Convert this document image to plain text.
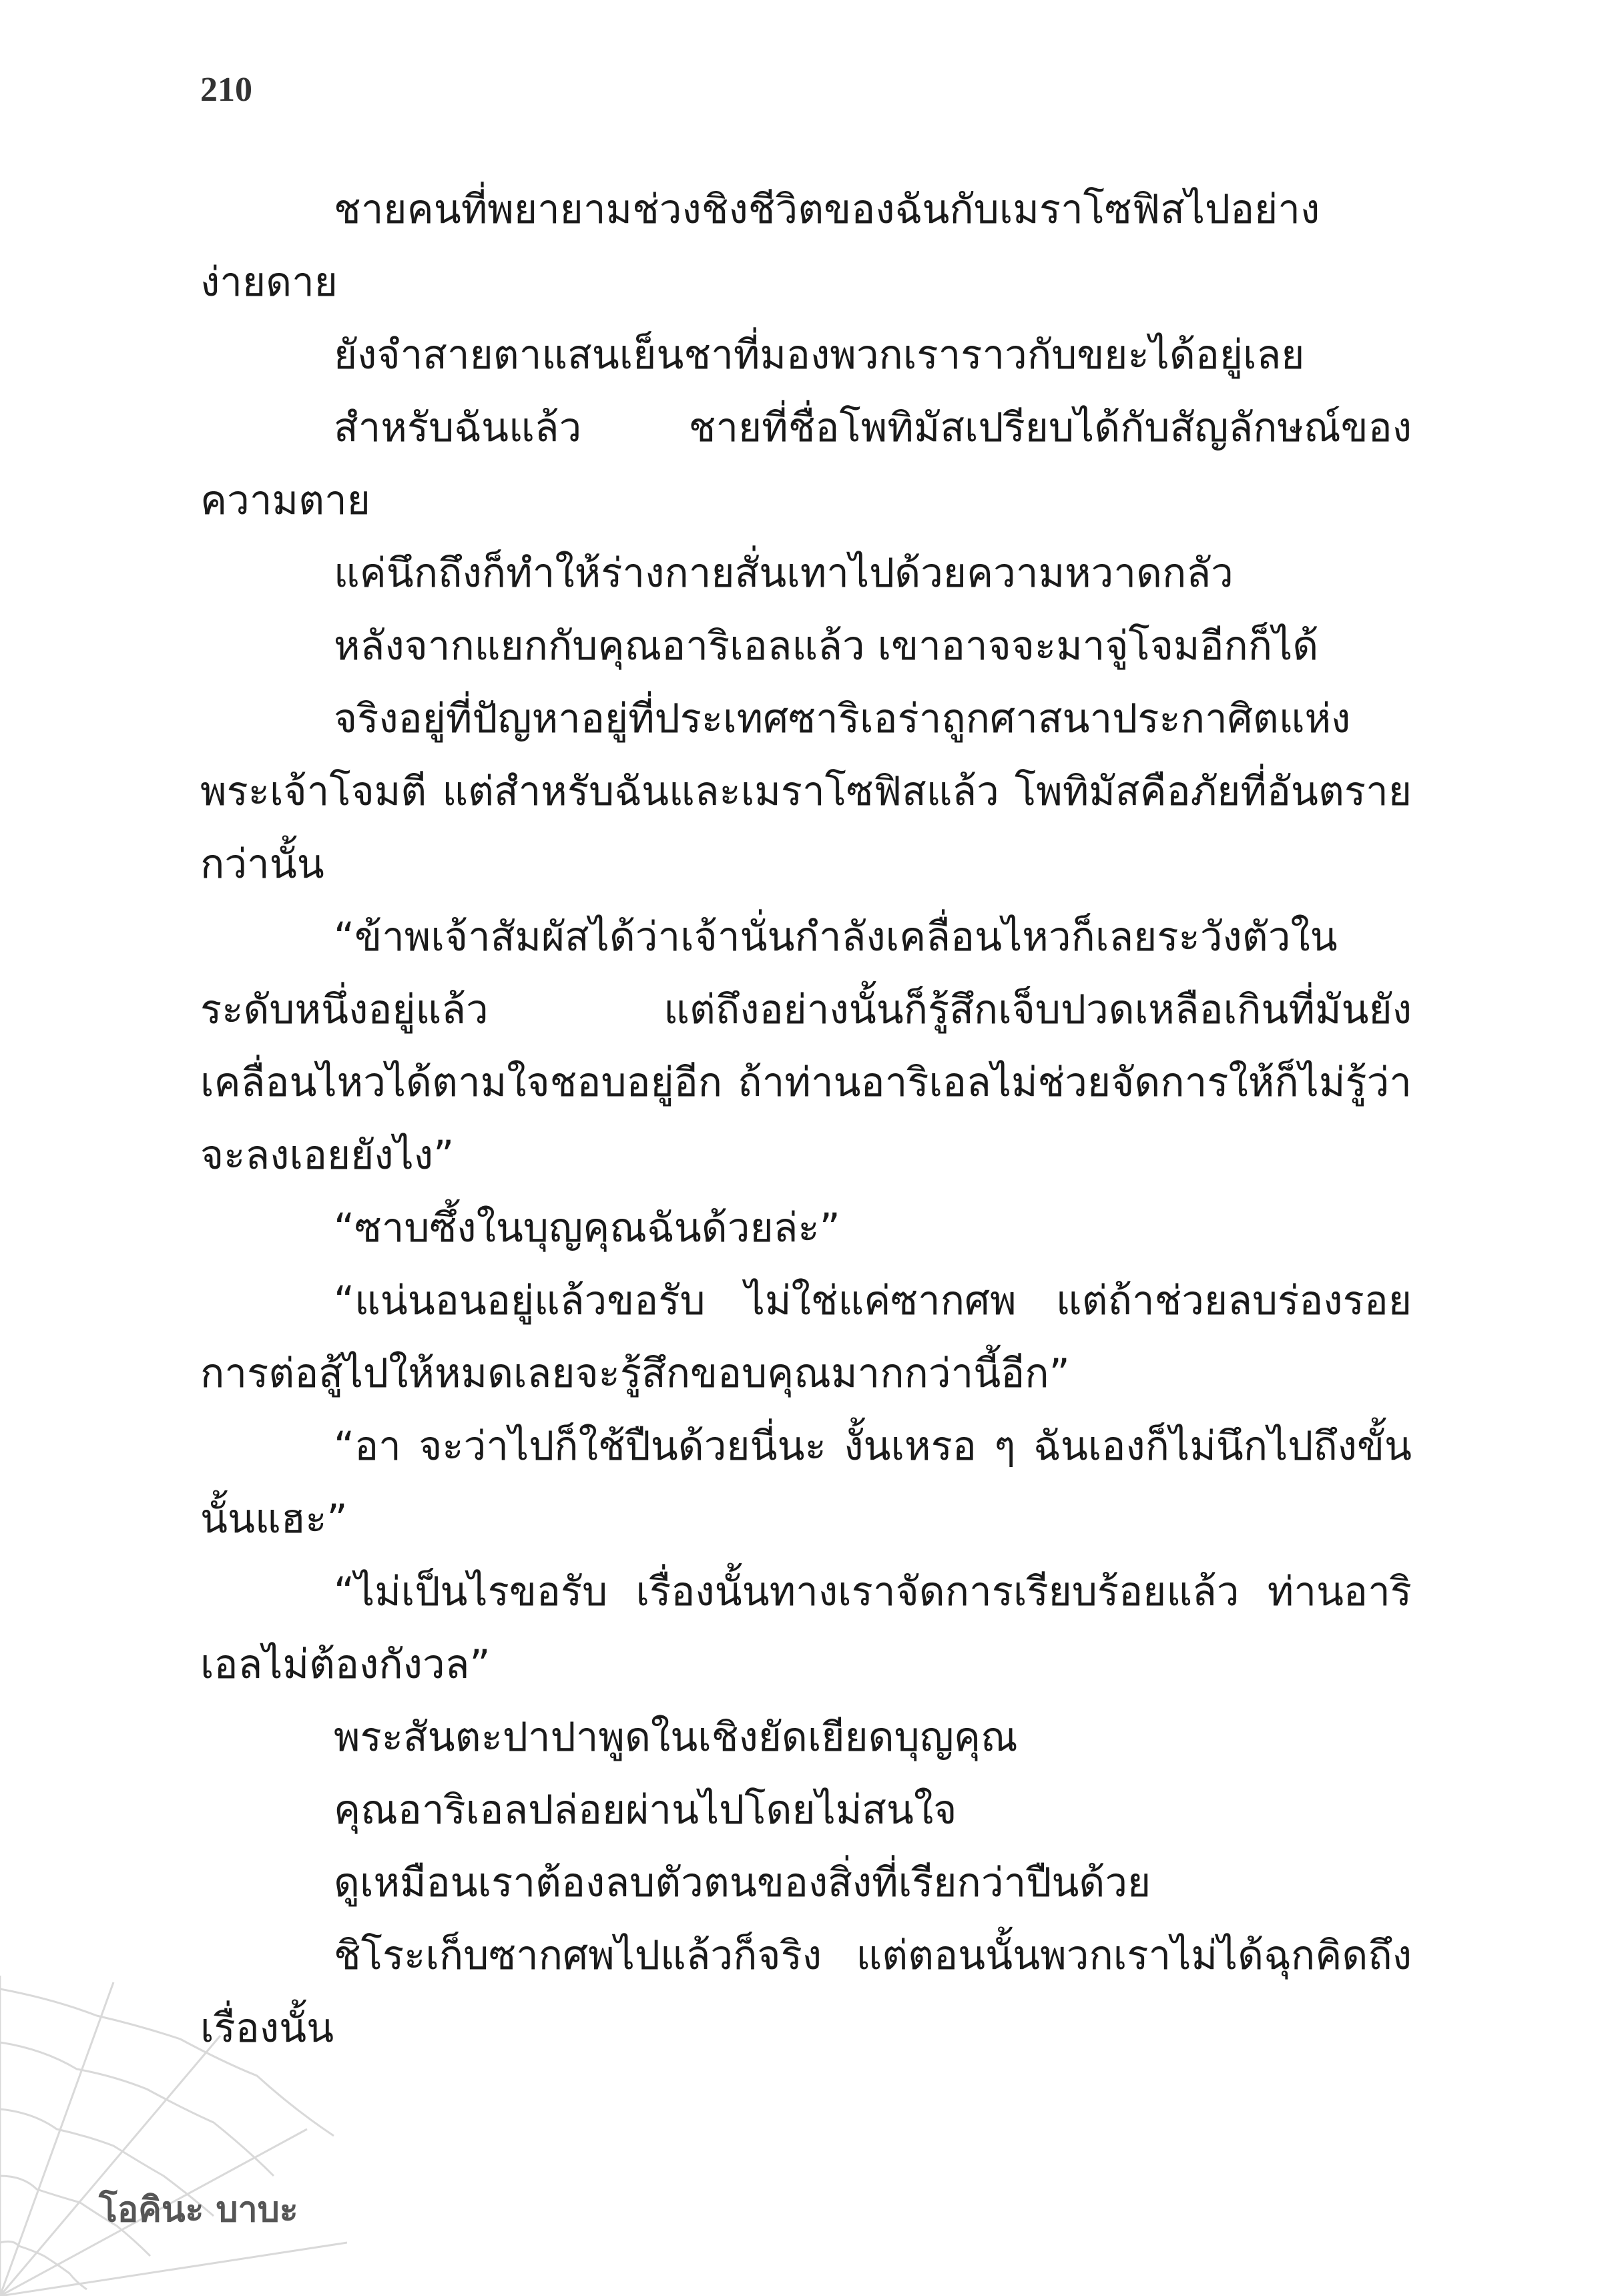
210

ชายคนที่พยายามช่วงชิงชีวิตของฉันกับเมราโซฟิสไปอย่างง่ายดาย

ยังจำสายตาแสนเย็นชาที่มองพวกเราราวกับขยะได้อยู่เลย

สำหรับฉันแล้ว ชายที่ชื่อโพทิมัสเปรียบได้กับสัญลักษณ์ของความตาย

แค่นึกถึงก็ทำให้ร่างกายสั่นเทาไปด้วยความหวาดกลัว

หลังจากแยกกับคุณอาริเอลแล้ว เขาอาจจะมาจู่โจมอีกก็ได้

จริงอยู่ที่ปัญหาอยู่ที่ประเทศซาริเอร่าถูกศาสนาประกาศิตแห่งพระเจ้าโจมตี แต่สำหรับฉันและเมราโซฟิสแล้ว โพทิมัสคือภัยที่อันตรายกว่านั้น

“ข้าพเจ้าสัมผัสได้ว่าเจ้านั่นกำลังเคลื่อนไหวก็เลยระวังตัวในระดับหนึ่งอยู่แล้ว แต่ถึงอย่างนั้นก็รู้สึกเจ็บปวดเหลือเกินที่มันยังเคลื่อนไหวได้ตามใจชอบอยู่อีก ถ้าท่านอาริเอลไม่ช่วยจัดการให้ก็ไม่รู้ว่าจะลงเอยยังไง”

“ซาบซึ้งในบุญคุณฉันด้วยล่ะ”

“แน่นอนอยู่แล้วขอรับ ไม่ใช่แค่ซากศพ แต่ถ้าช่วยลบร่องรอยการต่อสู้ไปให้หมดเลยจะรู้สึกขอบคุณมากกว่านี้อีก”

“อา จะว่าไปก็ใช้ปืนด้วยนี่นะ งั้นเหรอ ๆ ฉันเองก็ไม่นึกไปถึงขั้นนั้นแฮะ”

“ไม่เป็นไรขอรับ เรื่องนั้นทางเราจัดการเรียบร้อยแล้ว ท่านอาริเอลไม่ต้องกังวล”

พระสันตะปาปาพูดในเชิงยัดเยียดบุญคุณ

คุณอาริเอลปล่อยผ่านไปโดยไม่สนใจ

ดูเหมือนเราต้องลบตัวตนของสิ่งที่เรียกว่าปืนด้วย

ชิโระเก็บซากศพไปแล้วก็จริง แต่ตอนนั้นพวกเราไม่ได้ฉุกคิดถึงเรื่องนั้น

โอคินะ บาบะ
